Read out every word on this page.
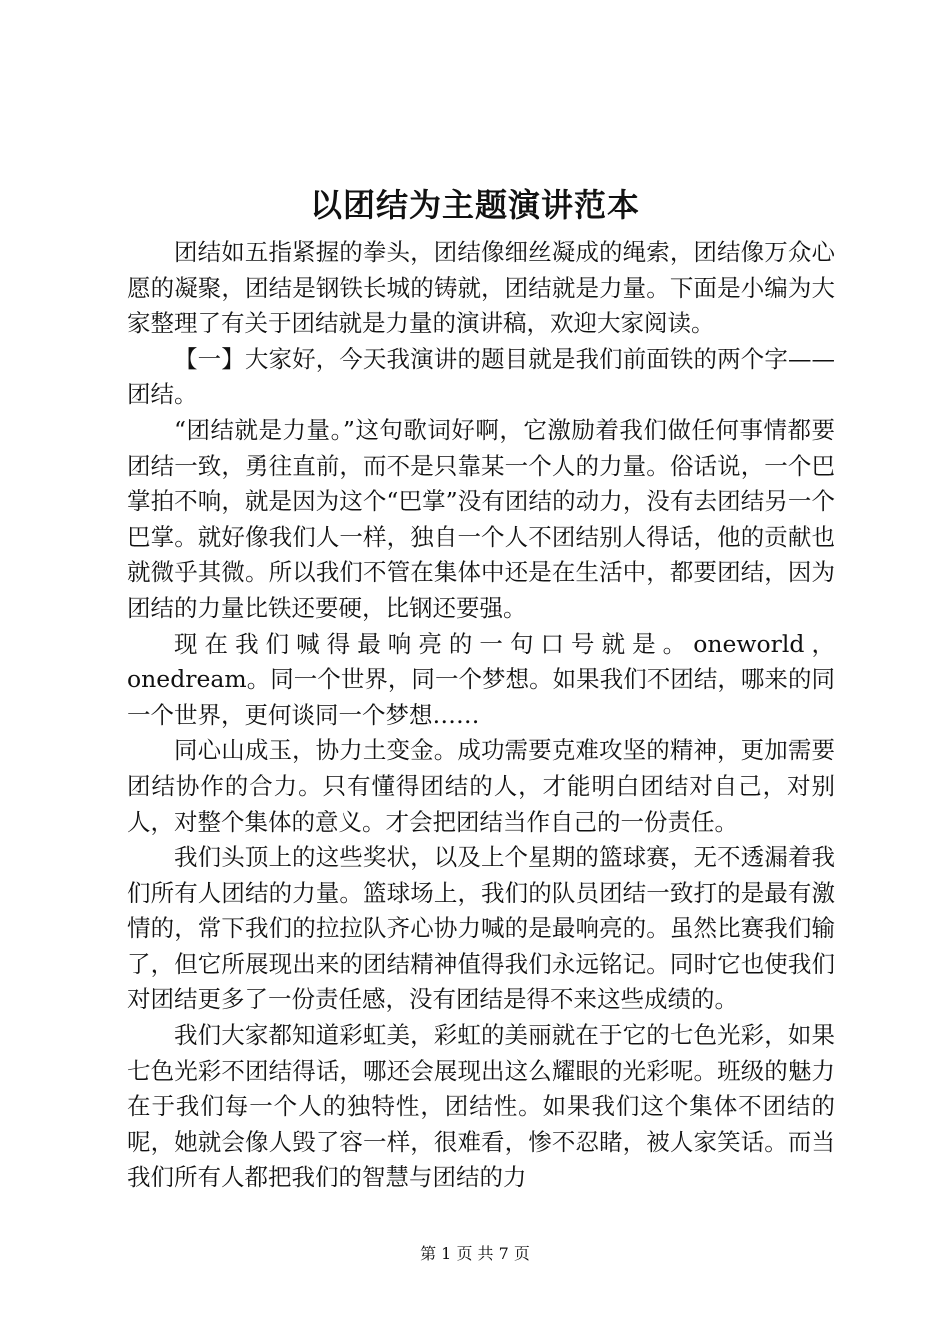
以团结为主题演讲范本

团结如五指紧握的拳头，团结像细丝凝成的绳索，团结像万众心愿的凝聚，团结是钢铁长城的铸就，团结就是力量。下面是小编为大家整理了有关于团结就是力量的演讲稿，欢迎大家阅读。

【一】大家好，今天我演讲的题目就是我们前面铁的两个字——团结。

“团结就是力量。”这句歌词好啊，它激励着我们做任何事情都要团结一致，勇往直前，而不是只靠某一个人的力量。俗话说，一个巴掌拍不响，就是因为这个“巴掌”没有团结的动力，没有去团结另一个巴掌。就好像我们人一样，独自一个人不团结别人得话，他的贡献也就微乎其微。所以我们不管在集体中还是在生活中，都要团结，因为团结的力量比铁还要硬，比钢还要强。

现在我们喊得最响亮的一句口号就是。oneworld，onedream。同一个世界，同一个梦想。如果我们不团结，哪来的同一个世界，更何谈同一个梦想……

同心山成玉，协力土变金。成功需要克难攻坚的精神，更加需要团结协作的合力。只有懂得团结的人，才能明白团结对自己，对别人，对整个集体的意义。才会把团结当作自己的一份责任。

我们头顶上的这些奖状，以及上个星期的篮球赛，无不透漏着我们所有人团结的力量。篮球场上，我们的队员团结一致打的是最有激情的，常下我们的拉拉队齐心协力喊的是最响亮的。虽然比赛我们输了，但它所展现出来的团结精神值得我们永远铭记。同时它也使我们对团结更多了一份责任感，没有团结是得不来这些成绩的。

我们大家都知道彩虹美，彩虹的美丽就在于它的七色光彩，如果七色光彩不团结得话，哪还会展现出这么耀眼的光彩呢。班级的魅力在于我们每一个人的独特性，团结性。如果我们这个集体不团结的呢，她就会像人毁了容一样，很难看，惨不忍睹，被人家笑话。而当我们所有人都把我们的智慧与团结的力

第 1 页 共 7 页
